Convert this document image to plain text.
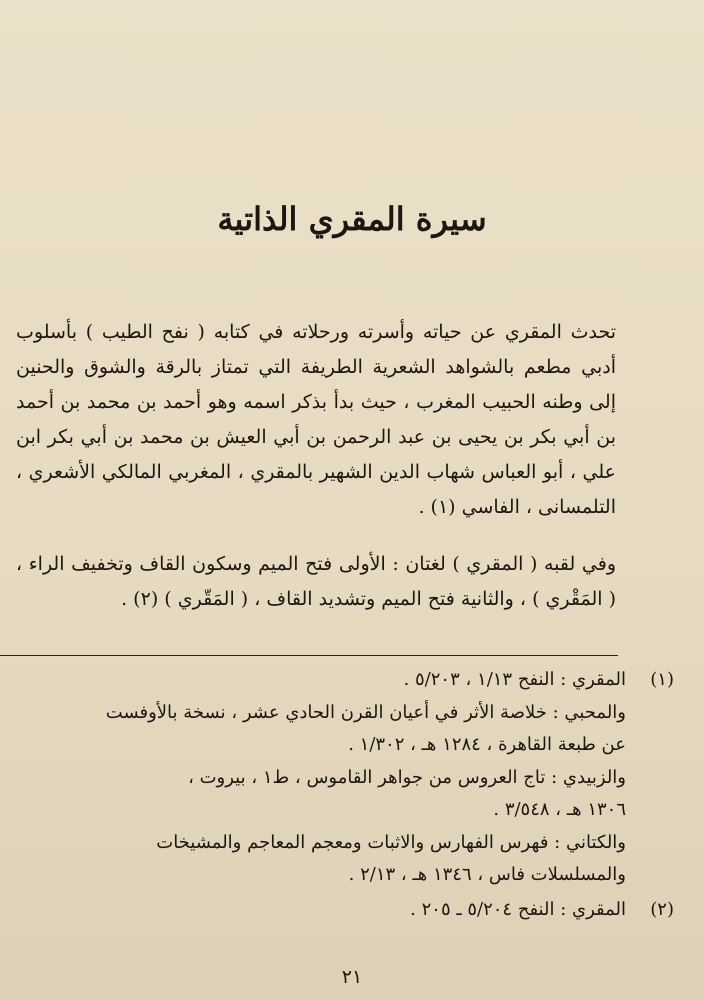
سيرة المقري الذاتية

تحدث المقري عن حياته وأسرته ورحلاته في كتابه ( نفح الطيب ) بأسلوب أدبي مطعم بالشواهد الشعرية الطريفة التي تمتاز بالرقة والشوق والحنين إلى وطنه الحبيب المغرب ، حيث بدأ بذكر اسمه وهو أحمد بن محمد بن أحمد بن أبي بكر بن يحيى بن عبد الرحمن بن أبي العيش بن محمد بن أبي بكر ابن علي ، أبو العباس شهاب الدين الشهير بالمقري ، المغربي المالكي الأشعري ، التلمسانى ، الفاسي (١) .

وفي لقبه ( المقري ) لغتان : الأولى فتح الميم وسكون القاف وتخفيف الراء ، ( المَقْري ) ، والثانية فتح الميم وتشديد القاف ، ( المَقّري ) (٢) .

(١)
المقري : النفح ١/١٣ ، ٥/٢٠٣ .
والمحبي : خلاصة الأثر في أعيان القرن الحادي عشر ، نسخة بالأوفست
عن طبعة القاهرة ، ١٢٨٤ هـ ، ١/٣٠٢ .
والزبيدي : تاج العروس من جواهر القاموس ، ط١ ، بيروت ،
١٣٠٦ هـ ، ٣/٥٤٨ .
والكتاني : فهرس الفهارس والاثبات ومعجم المعاجم والمشيخات
والمسلسلات فاس ، ١٣٤٦ هـ ، ٢/١٣ .
(٢)
المقري : النفح ٥/٢٠٤ ـ ٢٠٥ .
٢١
